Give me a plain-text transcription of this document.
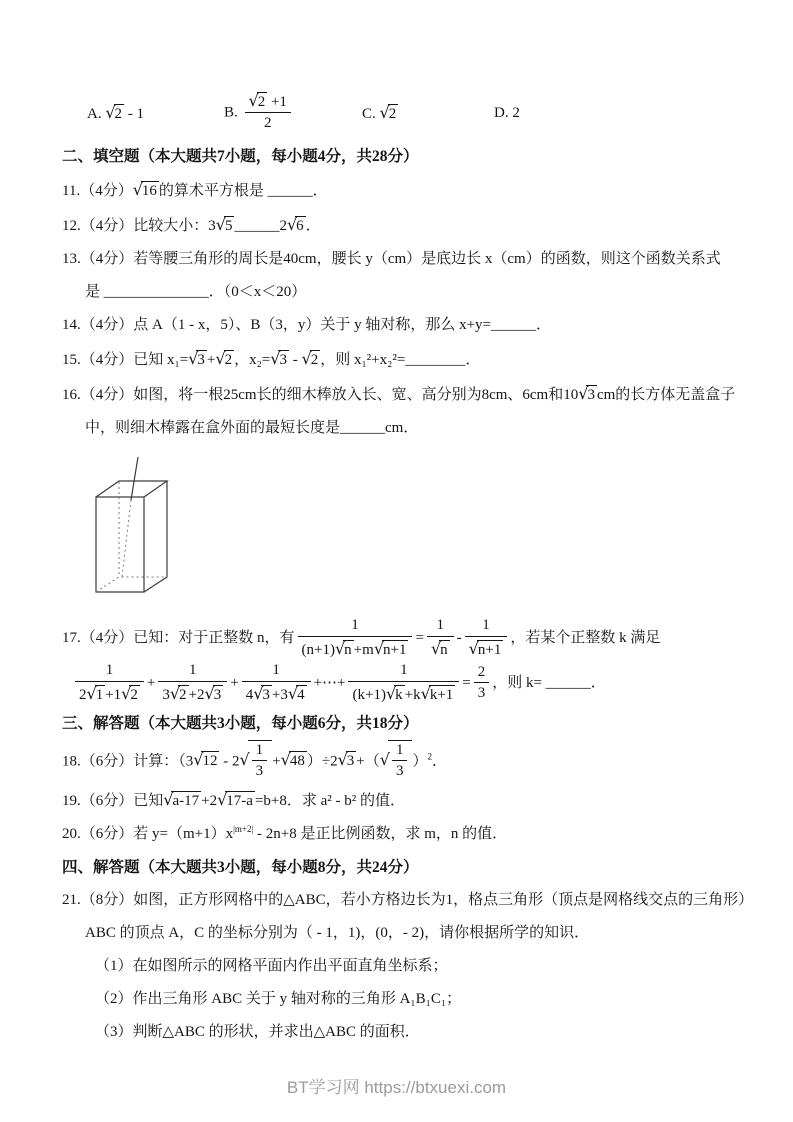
A. √2 - 1	B. $\frac{√2 +1}{2}$	C. √2	D. 2
二、填空题（本大题共7小题，每小题4分，共28分）
11.（4分）√16 的算术平方根是 ______．
12.（4分）比较大小：3√5 ______2√6 ．
13.（4分）若等腰三角形的周长是40cm，腰长 y（cm）是底边长 x（cm）的函数，则这个函数关系式
是 ______________．（0＜x＜20）
14.（4分）点 A（1 - x，5）、B（3，y）关于 y 轴对称，那么 x+y=______．
15.（4分）已知 x₁=√3 +√2 ，x₂=√3 - √2 ，则 x₁²+x₂²=________．
16.（4分）如图，将一根25cm长的细木棒放入长、宽、高分别为8cm、6cm和10√3 cm的长方体无盖盒子
中，则细木棒露在盒外面的最短长度是______cm．
17.（4分）已知：对于正整数 n，有 $\frac{1}{(n+1)√n +m√n+1} = \frac{1}{√n} - \frac{1}{√n+1}$ ，若某个正整数 k 满足
$\frac{1}{2√1 +1√2} + \frac{1}{3√2 +2√3} + \frac{1}{4√3 +3√4}$ +⋯+ $\frac{1}{(k+1)√k +k√k+1} = \frac{2}{3}$ ，则 k= ______．
三、解答题（本大题共3小题，每小题6分，共18分）
18.（6分）计算：（$3√12 - 2√ \frac{1}{3} +√48$ ）÷2√3 +（√ $\frac{1}{3} )^2$．
19.（6分）已知√a-17 +2√17-a =b+8．求 a² - b² 的值．
20.（6分）若 $y=(m+1)x^{|m+2|} - 2n+8$ 是正比例函数，求 m，n 的值．
四、解答题（本大题共3小题，每小题8分，共24分）
21.（8分）如图，正方形网格中的△ABC，若小方格边长为1，格点三角形（顶点是网格线交点的三角形）
ABC 的顶点 A，C 的坐标分别为（ - 1，1)，(0，- 2)，请你根据所学的知识．
（1）在如图所示的网格平面内作出平面直角坐标系；
（2）作出三角形 ABC 关于 y 轴对称的三角形 A₁B₁C₁；
（3）判断△ABC 的形状，并求出△ABC 的面积．
BT学习网 https://btxuexi.com
